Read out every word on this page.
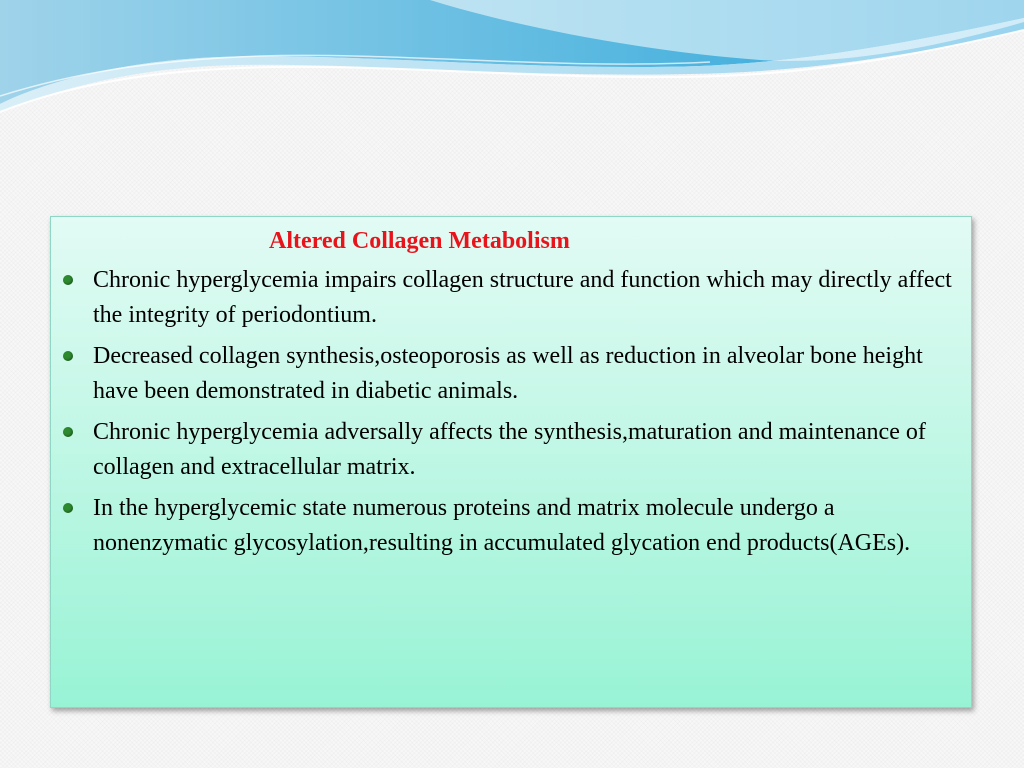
Altered Collagen Metabolism
Chronic hyperglycemia impairs collagen structure and function which may directly affect the integrity of periodontium.
Decreased collagen synthesis,osteoporosis as well as reduction in alveolar bone height have been demonstrated in diabetic animals.
Chronic hyperglycemia adversally affects the synthesis,maturation and maintenance of collagen and extracellular matrix.
In the hyperglycemic state numerous proteins and matrix molecule undergo a nonenzymatic glycosylation,resulting in accumulated glycation end products(AGEs).
